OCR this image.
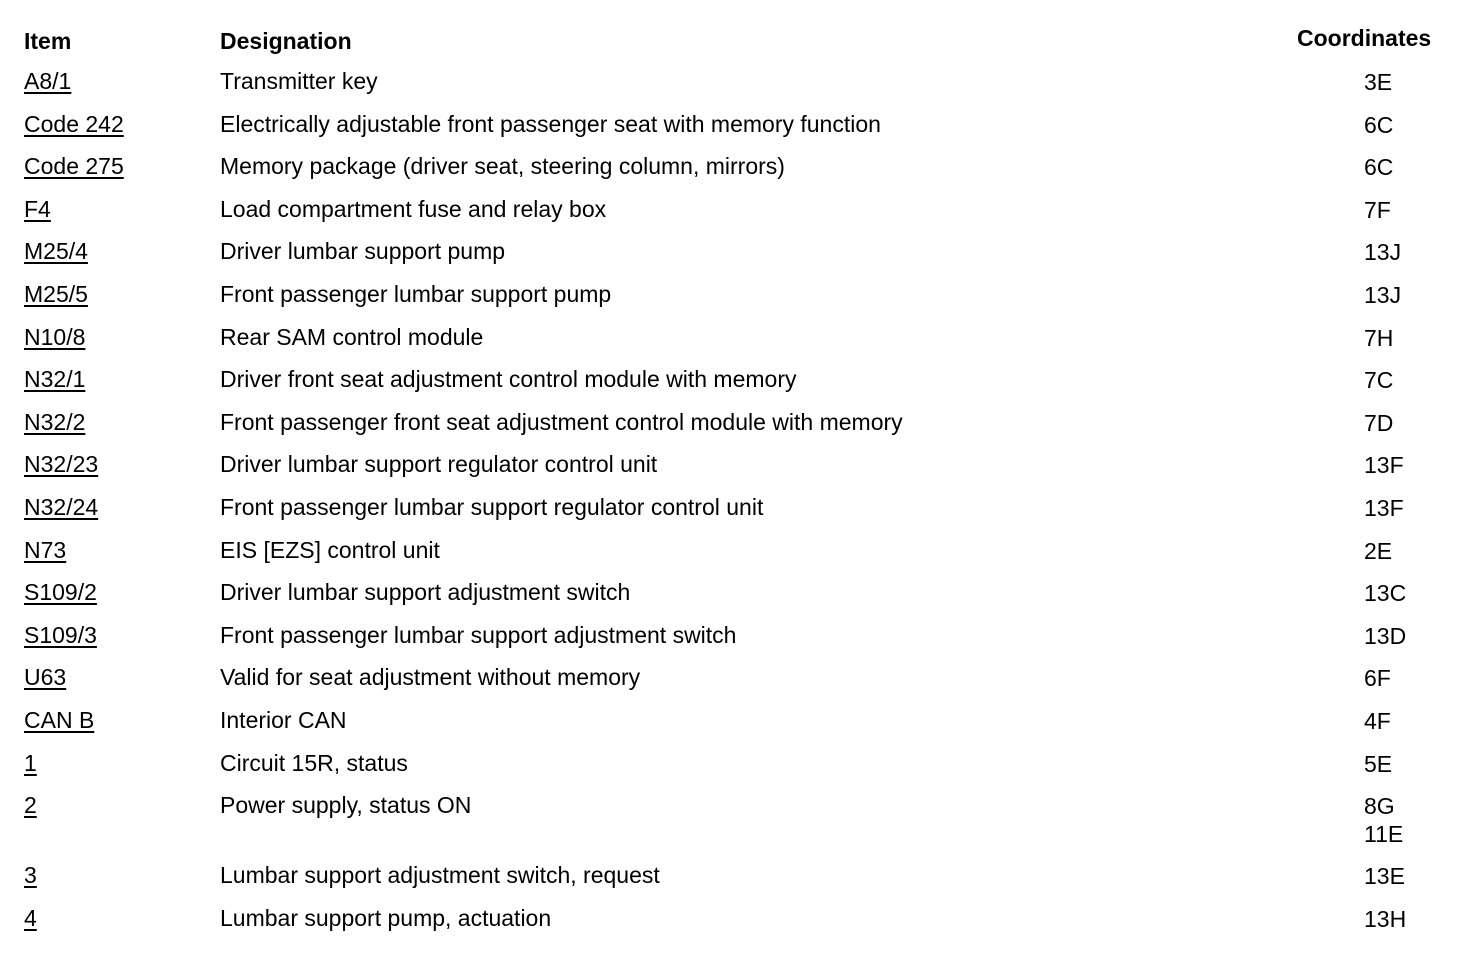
Item	Designation	Coordinates
A8/1	Transmitter key	3E
Code 242	Electrically adjustable front passenger seat with memory function	6C
Code 275	Memory package (driver seat, steering column, mirrors)	6C
F4	Load compartment fuse and relay box	7F
M25/4	Driver lumbar support pump	13J
M25/5	Front passenger lumbar support pump	13J
N10/8	Rear SAM control module	7H
N32/1	Driver front seat adjustment control module with memory	7C
N32/2	Front passenger front seat adjustment control module with memory	7D
N32/23	Driver lumbar support regulator control unit	13F
N32/24	Front passenger lumbar support regulator control unit	13F
N73	EIS [EZS] control unit	2E
S109/2	Driver lumbar support adjustment switch	13C
S109/3	Front passenger lumbar support adjustment switch	13D
U63	Valid for seat adjustment without memory	6F
CAN B	Interior CAN	4F
1	Circuit 15R, status	5E
2	Power supply, status ON	8G
11E
3	Lumbar support adjustment switch, request	13E
4	Lumbar support pump, actuation	13H
